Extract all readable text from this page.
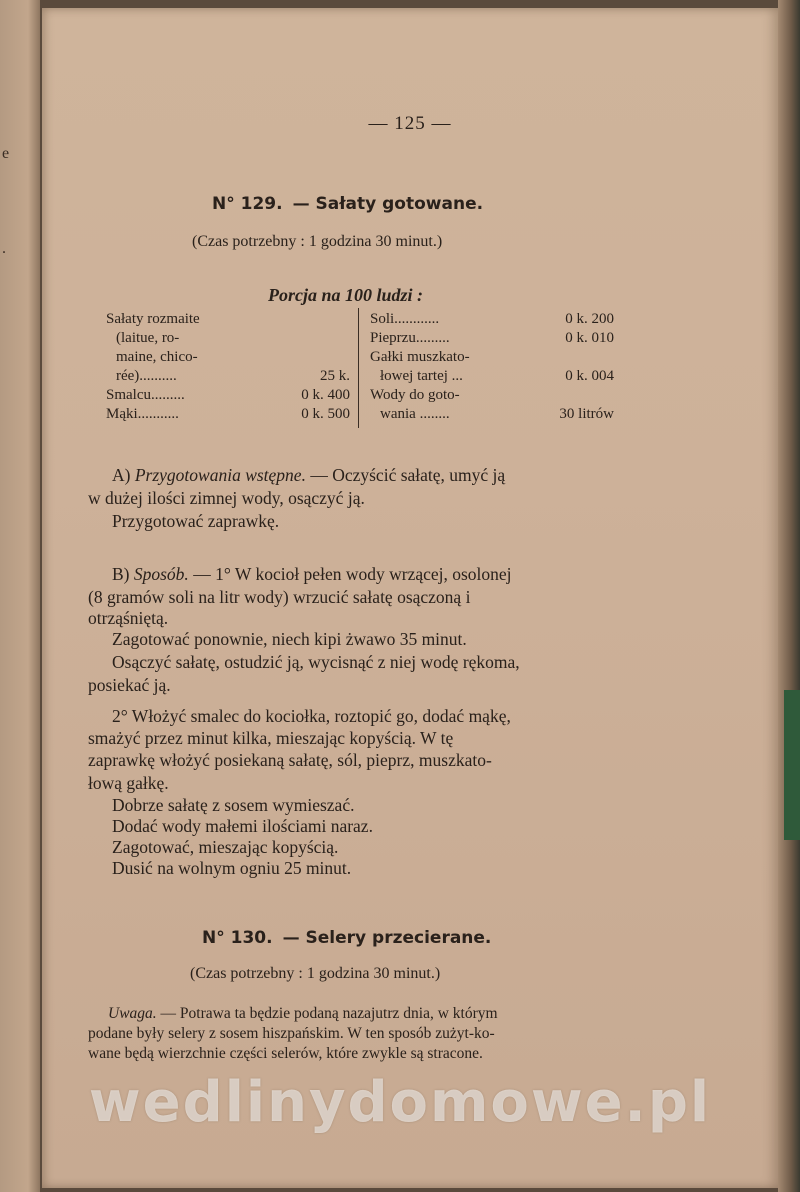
e
.
— 125 —
N° 129. — Sałaty gotowane.
(Czas potrzebny : 1 godzina 30 minut.)
Porcja na 100 ludzi :
Sałaty rozmaite
(laitue, ro-
maine, chico-
rée)..........	25 k.
Smalcu.........	0 k. 400
Mąki...........	0 k. 500
Soli............	0 k. 200
Pieprzu.........	0 k. 010
Gałki muszkato-
łowej tartej ...	0 k. 004
Wody do goto-
wania ........	30 litrów
A) Przygotowania wstępne. — Oczyścić sałatę, umyć ją
w dużej ilości zimnej wody, osączyć ją.
Przygotować zaprawkę.
B) Sposób. — 1° W kocioł pełen wody wrzącej, osolonej
(8 gramów soli na litr wody) wrzucić sałatę osączoną i
otrząśniętą.
Zagotować ponownie, niech kipi żwawo 35 minut.
Osączyć sałatę, ostudzić ją, wycisnąć z niej wodę rękoma,
posiekać ją.
2° Włożyć smalec do kociołka, roztopić go, dodać mąkę,
smażyć przez minut kilka, mieszając kopyścią. W tę
zaprawkę włożyć posiekaną sałatę, sól, pieprz, muszkato-
łową gałkę.
Dobrze sałatę z sosem wymieszać.
Dodać wody małemi ilościami naraz.
Zagotować, mieszając kopyścią.
Dusić na wolnym ogniu 25 minut.
N° 130. — Selery przecierane.
(Czas potrzebny : 1 godzina 30 minut.)
Uwaga. — Potrawa ta będzie podaną nazajutrz dnia, w którym
podane były selery z sosem hiszpańskim. W ten sposób zużyt-ko-
wane będą wierzchnie części selerów, które zwykle są stracone.
wedlinydomowe.pl
